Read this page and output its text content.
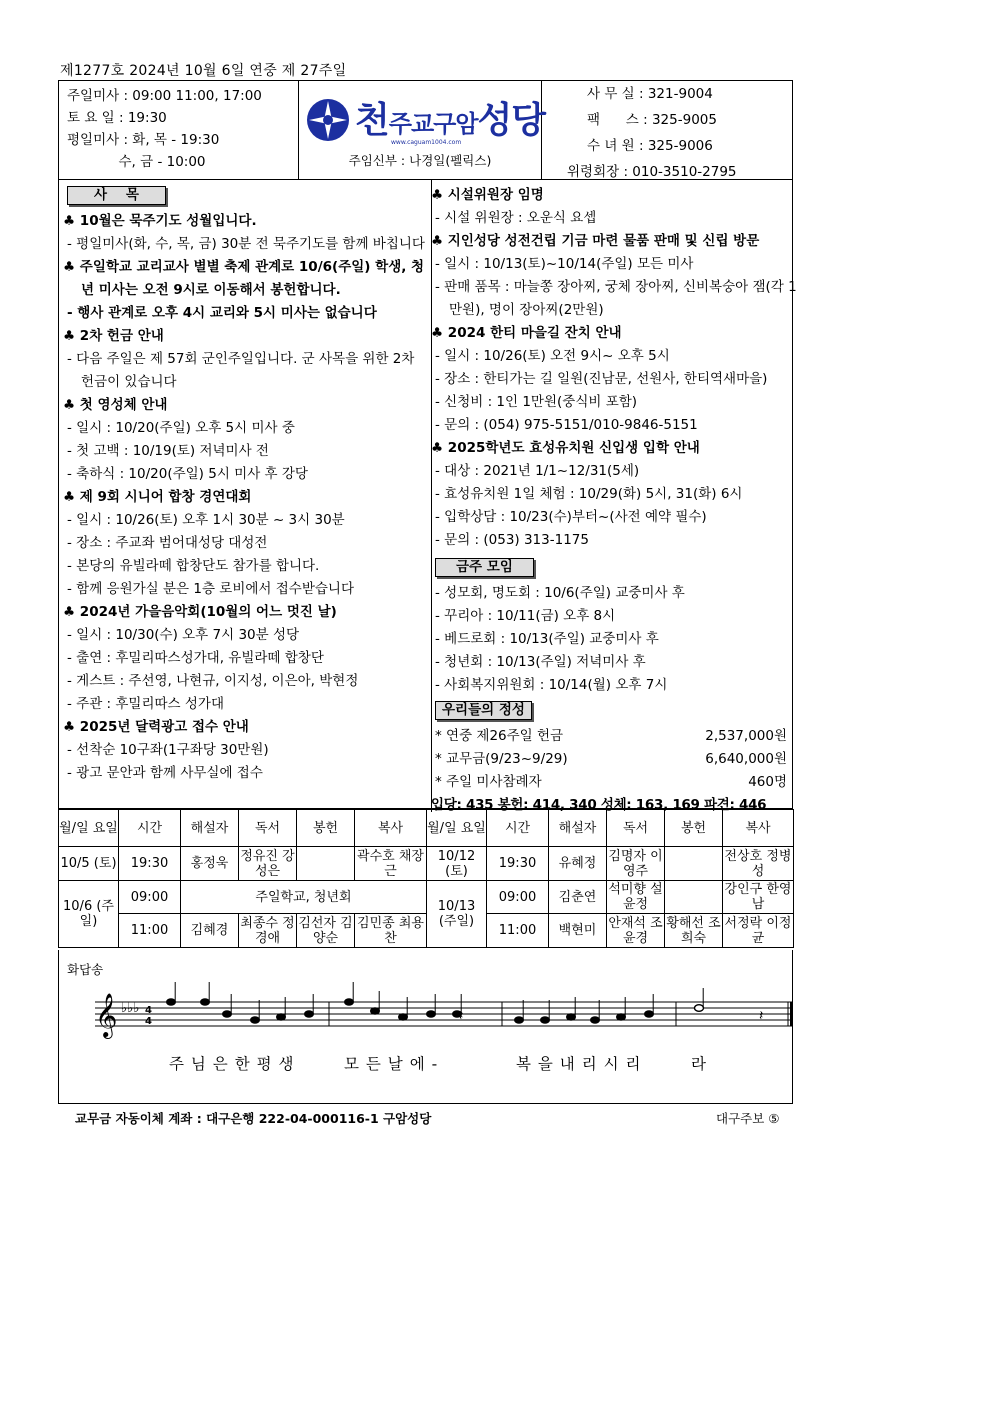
제1277호 2024년 10월 6일 연중 제 27주일
주일미사 : 09:00 11:00, 17:00
토 요 일 : 19:30
평일미사 : 화, 목 - 19:30
수, 금 - 10:00
천주교구암성당
www.caguam1004.com
주임신부 : 나경일(펠릭스)
사 무 실 : 321-9004
팩      스 : 325-9005
수 녀 원 : 325-9006
위령회장 : 010-3510-2795
사    목
♣ 10월은 묵주기도 성월입니다.
- 평일미사(화, 수, 목, 금) 30분 전 묵주기도를 함께 바칩니다
♣ 주일학교 교리교사 별별 축제 관계로 10/6(주일) 학생, 청년 미사는 오전 9시로 이동해서 봉헌합니다.
- 행사 관계로 오후 4시 교리와 5시 미사는 없습니다
♣ 2차 헌금 안내
- 다음 주일은 제 57회 군인주일입니다. 군 사목을 위한 2차 헌금이 있습니다
♣ 첫 영성체 안내
- 일시 : 10/20(주일) 오후 5시 미사 중
- 첫 고백 : 10/19(토) 저녁미사 전
- 축하식 : 10/20(주일) 5시 미사 후 강당
♣ 제 9회 시니어 합창 경연대회
- 일시 : 10/26(토) 오후 1시 30분 ~ 3시 30분
- 장소 : 주교좌 범어대성당 대성전
- 본당의 유빌라떼 합창단도 참가를 합니다.
- 함께 응원가실 분은 1층 로비에서 접수받습니다
♣ 2024년 가을음악회(10월의 어느 멋진 날)
- 일시 : 10/30(수) 오후 7시 30분 성당
- 출연 : 후밀리따스성가대, 유빌라떼 합창단
- 게스트 : 주선영, 나현규, 이지성, 이은아, 박현정
- 주관 : 후밀리따스 성가대
♣ 2025년 달력광고 접수 안내
- 선착순 10구좌(1구좌당 30만원)
- 광고 문안과 함께 사무실에 접수
♣ 시설위원장 임명
- 시설 위원장 : 오운식 요셉
♣ 지인성당 성전건립 기금 마련 물품 판매 및 신립 방문
- 일시 : 10/13(토)~10/14(주일) 모든 미사
- 판매 품목 : 마늘쫑 장아찌, 궁체 장아찌, 신비복숭아 잼(각 1만원), 명이 장아찌(2만원)
♣ 2024 한티 마을길 잔치 안내
- 일시 : 10/26(토) 오전 9시~ 오후 5시
- 장소 : 한티가는 길 일원(진남문, 선원사, 한티역새마을)
- 신청비 : 1인 1만원(중식비 포함)
- 문의 : (054) 975-5151/010-9846-5151
♣ 2025학년도 효성유치원 신입생 입학 안내
- 대상 : 2021년 1/1~12/31(5세)
- 효성유치원 1일 체험 : 10/29(화) 5시, 31(화) 6시
- 입학상담 : 10/23(수)부터~(사전 예약 필수)
- 문의 : (053) 313-1175
금주 모임
- 성모회, 명도회 : 10/6(주일) 교중미사 후
- 꾸리아 : 10/11(금) 오후 8시
- 베드로회 : 10/13(주일) 교중미사 후
- 청년회 : 10/13(주일) 저녁미사 후
- 사회복지위원회 : 10/14(월) 오후 7시
우리들의 정성
* 연중 제26주일 헌금	2,537,000원
* 교무금(9/23~9/29)	6,640,000원
* 주일 미사참례자	460명
입당: 435 봉헌: 414, 340 성체: 163, 169 파견: 446
월/일 요일	시간	해설자	독서	봉헌	복사	월/일 요일	시간	해설자	독서	봉헌	복사
10/5 (토)	19:30	홍정욱	정유진 강성은		곽수호 채장근	10/12 (토)	19:30	유혜정	김명자 이영주		전상호 정병성
10/6 (주일)	09:00	주일학교, 청년회				10/13 (주일)	09:00	김춘연	석미향 설윤정		강인구 한영남
	11:00	김혜경	최종수 정경애	김선자 김양순	김민종 최용찬		11:00	백현미	안재석 조윤경	황해선 조희숙	서정락 이정균
화답송
𝄞 ♭♭♭ 4
4	𝄽	𝄽
주 님 은 한 평 생	모 든 날 에 -	복 을 내 리 시 리	라
교무금 자동이체 계좌 : 대구은행 222-04-000116-1 구암성당	대구주보 ⑤
